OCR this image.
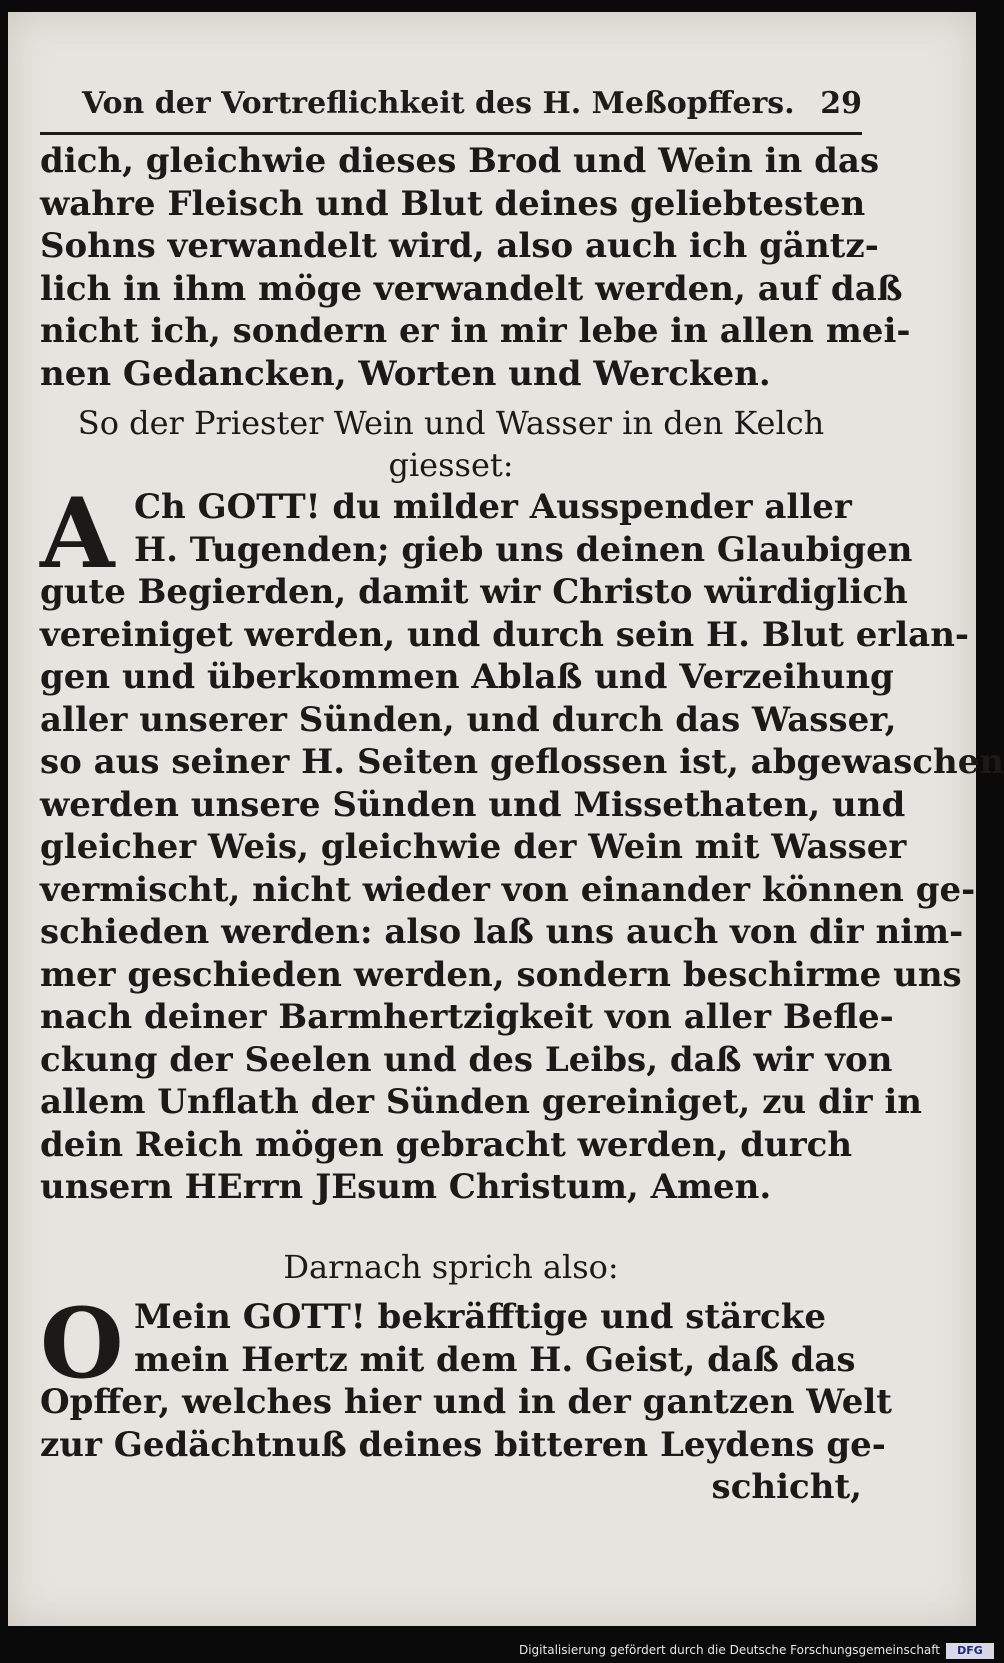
Von der Vortreflichkeit des H. Meßopffers. 29
dich, gleichwie dieses Brod und Wein in das
wahre Fleisch und Blut deines geliebtesten
Sohns verwandelt wird, also auch ich gäntz-
lich in ihm möge verwandelt werden, auf daß
nicht ich, sondern er in mir lebe in allen mei-
nen Gedancken, Worten und Wercken.
So der Priester Wein und Wasser in den Kelch
giesset:
A Ch GOTT! du milder Ausspender aller
H. Tugenden; gieb uns deinen Glaubigen
gute Begierden, damit wir Christo würdiglich
vereiniget werden, und durch sein H. Blut erlan-
gen und überkommen Ablaß und Verzeihung
aller unserer Sünden, und durch das Wasser,
so aus seiner H. Seiten geflossen ist, abgewaschen
werden unsere Sünden und Missethaten, und
gleicher Weis, gleichwie der Wein mit Wasser
vermischt, nicht wieder von einander können ge-
schieden werden: also laß uns auch von dir nim-
mer geschieden werden, sondern beschirme uns
nach deiner Barmhertzigkeit von aller Befle-
ckung der Seelen und des Leibs, daß wir von
allem Unflath der Sünden gereiniget, zu dir in
dein Reich mögen gebracht werden, durch
unsern HErrn JEsum Christum, Amen.
Darnach sprich also:
O Mein GOTT! bekräfftige und stärcke
mein Hertz mit dem H. Geist, daß das
Opffer, welches hier und in der gantzen Welt
zur Gedächtnuß deines bitteren Leydens ge-
schicht,
Digitalisierung gefördert durch die Deutsche Forschungsgemeinschaft	DFG
